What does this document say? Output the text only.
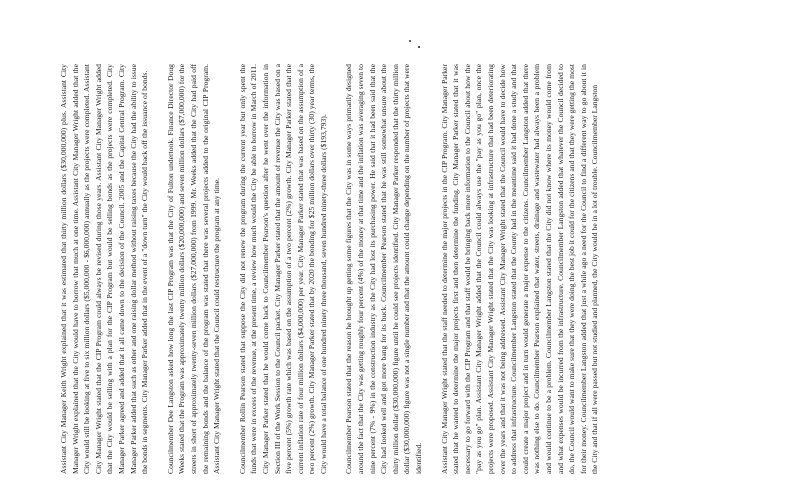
Assistant City Manager Keith Wright explained that it was estimated that thirty million dollars ($30,000,000) plus. Assistant City Manager Wright explained that the City would have to borrow that much at one time. Assistant City Manager Wright added that the City would still be looking at five to six million dollars ($5,000,000 - $6,000,000) annually as the projects were completed. Assistant City Manager Wright stated that the CIP Program could always be revised during those years. Assistant City Manager Wright added that the City would be selling with a plan for the CIP Program but would be selling bonds as the projects were completed. City Manager Parker agreed and added that it all came down to the decision of the Council. 2005 and the Capital Central Program. City Manager Parker added that such as other and one raising dollar method without raising taxes because the City had the ability to issue the bonds in segments. City Manager Parker added that in the event of a "down turn" the City would back off the issuance of bonds. Councilmember Dee Langston asked how long the last CIP Program was that the City of Fulton undertook. Finance Director Doug Weeks stated that the Program was approximately twenty million dollars ($20,000,000) and seven million dollars ($7,000,000) for the streets in short of approximately twenty-seven million dollars ($27,000,000) from 1999. Mr. Weeks added that the City had paid off the remaining bonds and the balance of the program was stated that there was several projects added to the original CIP Program. Assistant City Manager Wright stated that the Council could restructure the program at any time. Councilmember Rollin Pearson stated that suppose the City did not renew the program during the current year but only spent the funds that were in excess of the revenue, at the present time, a review how much would the City be able to borrow in March of 2011. City Manager Parker stated that he would come back to Councilmember Pearson's question after he went over the information in Section III of the Work Session to the Council packet. City Manager Parker stated that the amount of revenue the City was based on a five percent (5%) growth rate which was based on the assumption of a two percent (2%) growth. City Manager Parker stated that the current inflation rate of four million dollars ($4,000,000) per year. City Manager Parker stated that was based on the assumption of a two percent (2%) growth. City Manager Parker stated that by 2020 the bonding for $25 million dollars over thirty (30) year terms, the City would have a total balance of one hundred ninety three thousand, seven hundred ninety-three dollars ($193,793). Councilmember Pearson stated that the reason he brought up getting some figures that the City was in some ways primarily designed around the fact that the City was getting roughly four percent (4%) of the money at that time and the inflation was averaging seven to nine percent (7% - 9%) in the construction industry as the City had lost its purchasing power. He said that it had been said that the City had looked well and got more bang for its buck. Councilmember Pearson stated that he was still somewhat unsure about the thirty million dollar ($30,000,000) figure until he could see projects identified. City Manager Parker responded that the thirty million dollar ($30,000,000) figure was not a single number and that the amount could change depending on the number of projects that were identified. Assistant City Manager Wright stated that the staff needed to determine the major projects in the CIP Program. City Manager Parker stated that he wanted to determine the major projects first and then determine the funding. City Manager Parker stated that it was necessary to go forward with the CIP Program and that staff would be bringing back more information to the Council about how the "pay as you go" plan. Assistant City Manager Wright added that the Council could always use the "pay as you go" plan, once the projects were proposed. Assistant City Manager Wright stated that the City was looking at infrastructure that had been deteriorating over the years and that it was not being addressed. Assistant City Manager Wright stated that the Council would have to decide how to address that infrastructure. Councilmember Langston stated that the County had in the meantime said it had done a study and that could create a major project and in turn would generate a major expense to the citizens. Councilmember Langston added that there was nothing else to do. Councilmember Pearson explained that water, streets, drainage and wastewater had always been a problem and would continue to be a problem. Councilmember Langston stated that the City did not know where its money would come from and what expenses would be incurred from the infrastructure. Councilmember Langston added that whatever the Council decided to do, the Council would want to make sure that they were doing the best job it could for the citizens and that they were getting the most for their money. Councilmember Langston added that just a while ago a need for the Council to find a different way to go about it in the City and that if all were passed but not studied and planned, the City would be in a lot of trouble. Councilmember Langston
